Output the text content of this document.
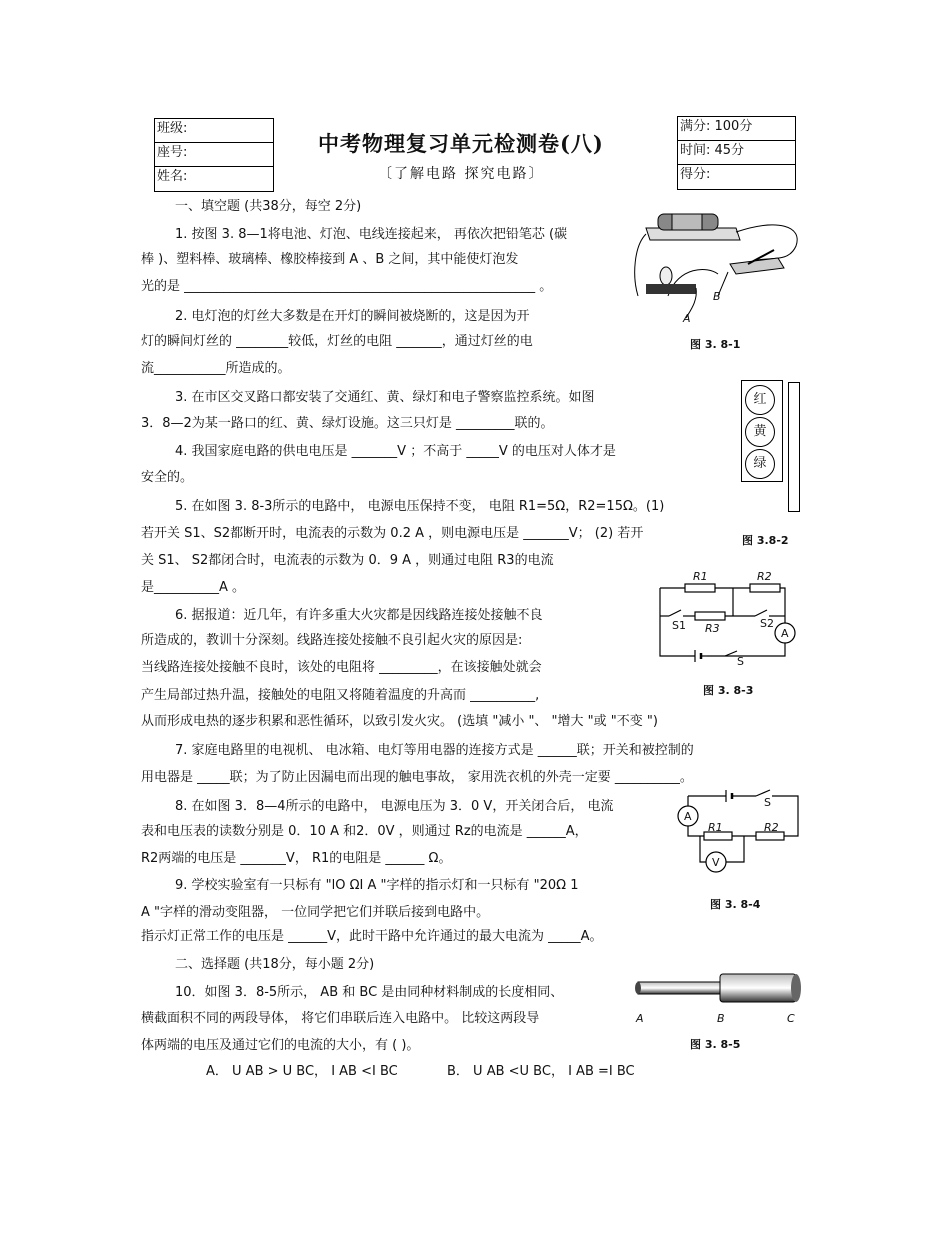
班级:
座号:
姓名:
中考物理复习单元检测卷(八)
〔了解电路 探究电路〕
满分: 100分
时间: 45分
得分:
一、填空题 (共38分，每空 2分)
1. 按图 3. 8—1将电池、灯泡、电线连接起来， 再依次把铅笔芯 (碳
棒 )、塑料棒、玻璃棒、橡胶棒接到 A 、B 之间，其中能使灯泡发
光的是 ______________________________________________________ 。
2. 电灯泡的灯丝大多数是在开灯的瞬间被烧断的，这是因为开
灯的瞬间灯丝的 ________较低，灯丝的电阻 _______，通过灯丝的电
流___________所造成的。
3. 在市区交叉路口都安装了交通红、黄、绿灯和电子警察监控系统。如图
3．8—2为某一路口的红、黄、绿灯设施。这三只灯是 _________联的。
4. 我国家庭电路的供电电压是 _______V ；不高于 _____V 的电压对人体才是
安全的。
5. 在如图 3. 8-3所示的电路中， 电源电压保持不变， 电阻 R1=5Ω，R2=15Ω。(1)
若开关 S1、S2都断开时，电流表的示数为 0.2 A ，则电源电压是 _______V； (2) 若开
关 S1、 S2都闭合时，电流表的示数为 0．9 A ，则通过电阻 R3的电流
是__________A 。
6. 据报道：近几年，有许多重大火灾都是因线路连接处接触不良
所造成的，教训十分深刻。线路连接处接触不良引起火灾的原因是:
当线路连接处接触不良时，该处的电阻将 _________，在该接触处就会
产生局部过热升温，接触处的电阻又将随着温度的升高而 __________,
从而形成电热的逐步积累和恶性循环，以致引发火灾。 (选填 "减小 "、 "增大 "或 "不变 ")
7. 家庭电路里的电视机、 电冰箱、电灯等用电器的连接方式是 ______联；开关和被控制的
用电器是 _____联；为了防止因漏电而出现的触电事故， 家用洗衣机的外壳一定要 __________。
8. 在如图 3．8—4所示的电路中， 电源电压为 3．0 V，开关闭合后， 电流
表和电压表的读数分别是 0．10 A 和2．0V ，则通过 Rz的电流是 ______A，
R2两端的电压是 _______V， R1的电阻是 ______ Ω。
9. 学校实验室有一只标有 "lO ΩI A "字样的指示灯和一只标有 "20Ω 1
A "字样的滑动变阻器， 一位同学把它们并联后接到电路中。
指示灯正常工作的电压是 ______V，此时干路中允许通过的最大电流为 _____A。
二、选择题 (共18分，每小题 2分)
10．如图 3．8-5所示， AB 和 BC 是由同种材料制成的长度相同、
横截面积不同的两段导体， 将它们串联后连入电路中。 比较这两段导
体两端的电压及通过它们的电流的大小，有 ( )。
A． U AB > U BC， I AB <I BC	B． U AB <U BC， I AB =I BC
A
B
图 3. 8-1
红
黄
绿
图 3.8-2
R1	R2
S1 R3	S2
A
S
图 3. 8-3
S
A
R1	R2
V
图 3. 8-4
A	B	C
图 3. 8-5
